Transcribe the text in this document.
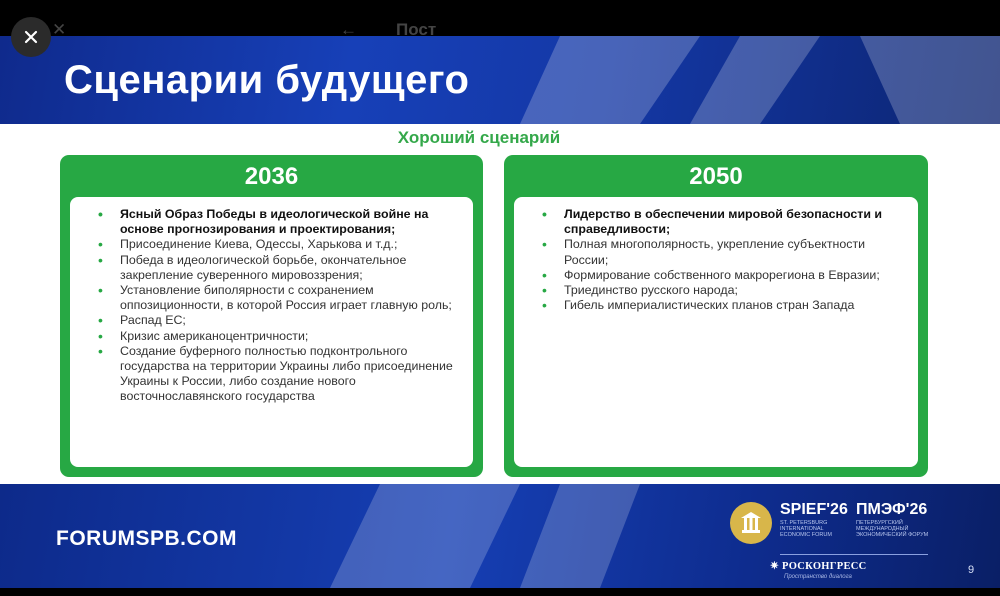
✕	← Пост
Сценарии будущего
Хороший сценарий
2036
• Ясный Образ Победы в идеологической войне на основе прогнозирования и проектирования;
• Присоединение Киева, Одессы, Харькова и т.д.;
• Победа в идеологической борьбе, окончательное закрепление суверенного мировоззрения;
• Установление биполярности с сохранением оппозиционности, в которой Россия играет главную роль;
• Распад ЕС;
• Кризис американоцентричности;
• Создание буферного полностью подконтрольного государства на территории Украины либо присоединение Украины к России, либо создание нового восточнославянского государства
2050
• Лидерство в обеспечении мировой безопасности и справедливости;
• Полная многополярность, укрепление субъектности России;
• Формирование собственного макрорегиона в Евразии;
• Триединство русского народа;
• Гибель империалистических планов стран Запада
FORUMSPB.COM
SPIEF'26
ST. PETERSBURG INTERNATIONAL ECONOMIC FORUM
ПМЭФ'26
ПЕТЕРБУРГСКИЙ МЕЖДУНАРОДНЫЙ ЭКОНОМИЧЕСКИЙ ФОРУМ
✷ РОСКОНГРЕСС
Пространство диалога
9
